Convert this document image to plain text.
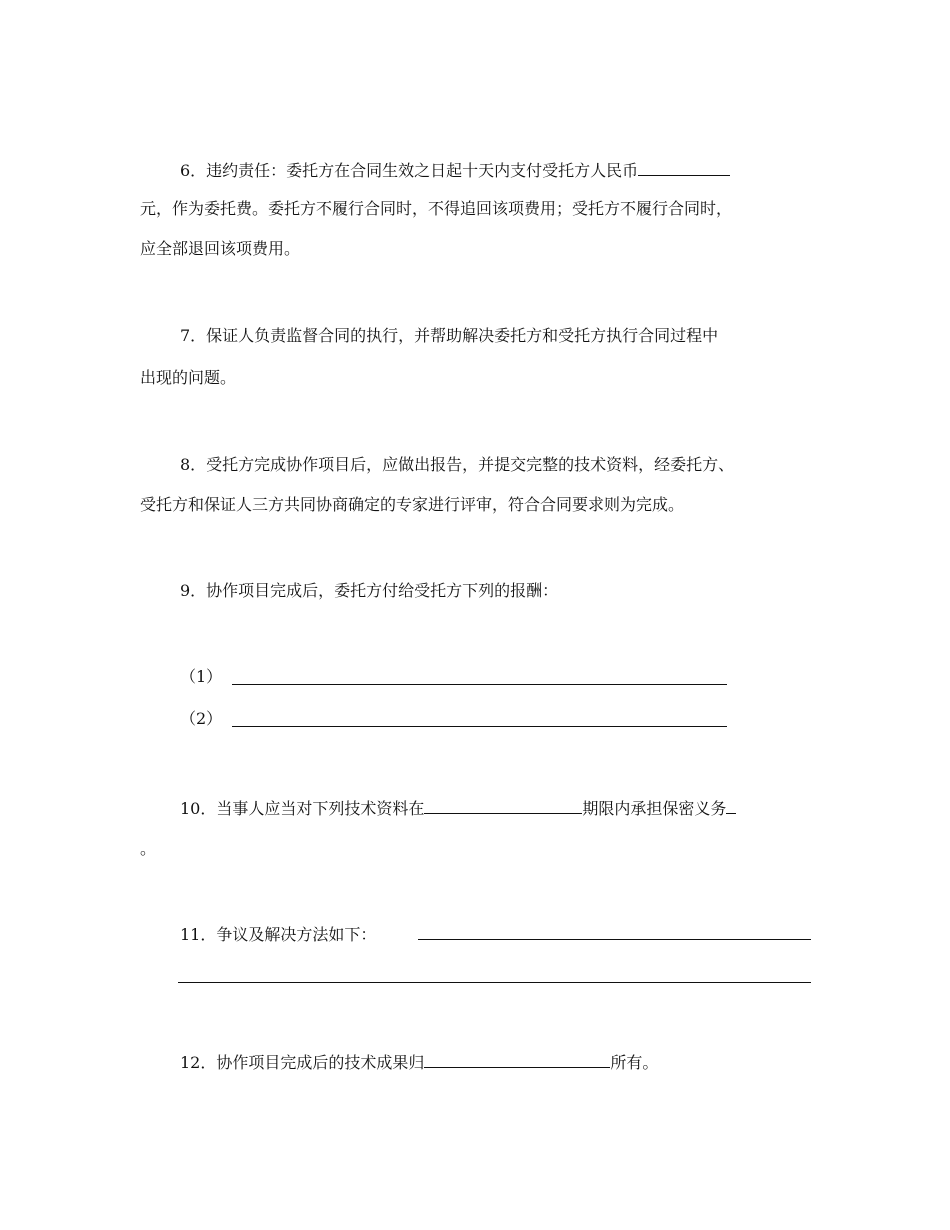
6．违约责任：委托方在合同生效之日起十天内支付受托方人民币
元，作为委托费。委托方不履行合同时，不得追回该项费用；受托方不履行合同时，
应全部退回该项费用。
7．保证人负责监督合同的执行，并帮助解决委托方和受托方执行合同过程中
出现的问题。
8．受托方完成协作项目后，应做出报告，并提交完整的技术资料，经委托方、
受托方和保证人三方共同协商确定的专家进行评审，符合合同要求则为完成。
9．协作项目完成后，委托方付给受托方下列的报酬：
（1）
（2）
10．当事人应当对下列技术资料在	期限内承担保密义务
。
11．争议及解决方法如下：
12．协作项目完成后的技术成果归	所有。
